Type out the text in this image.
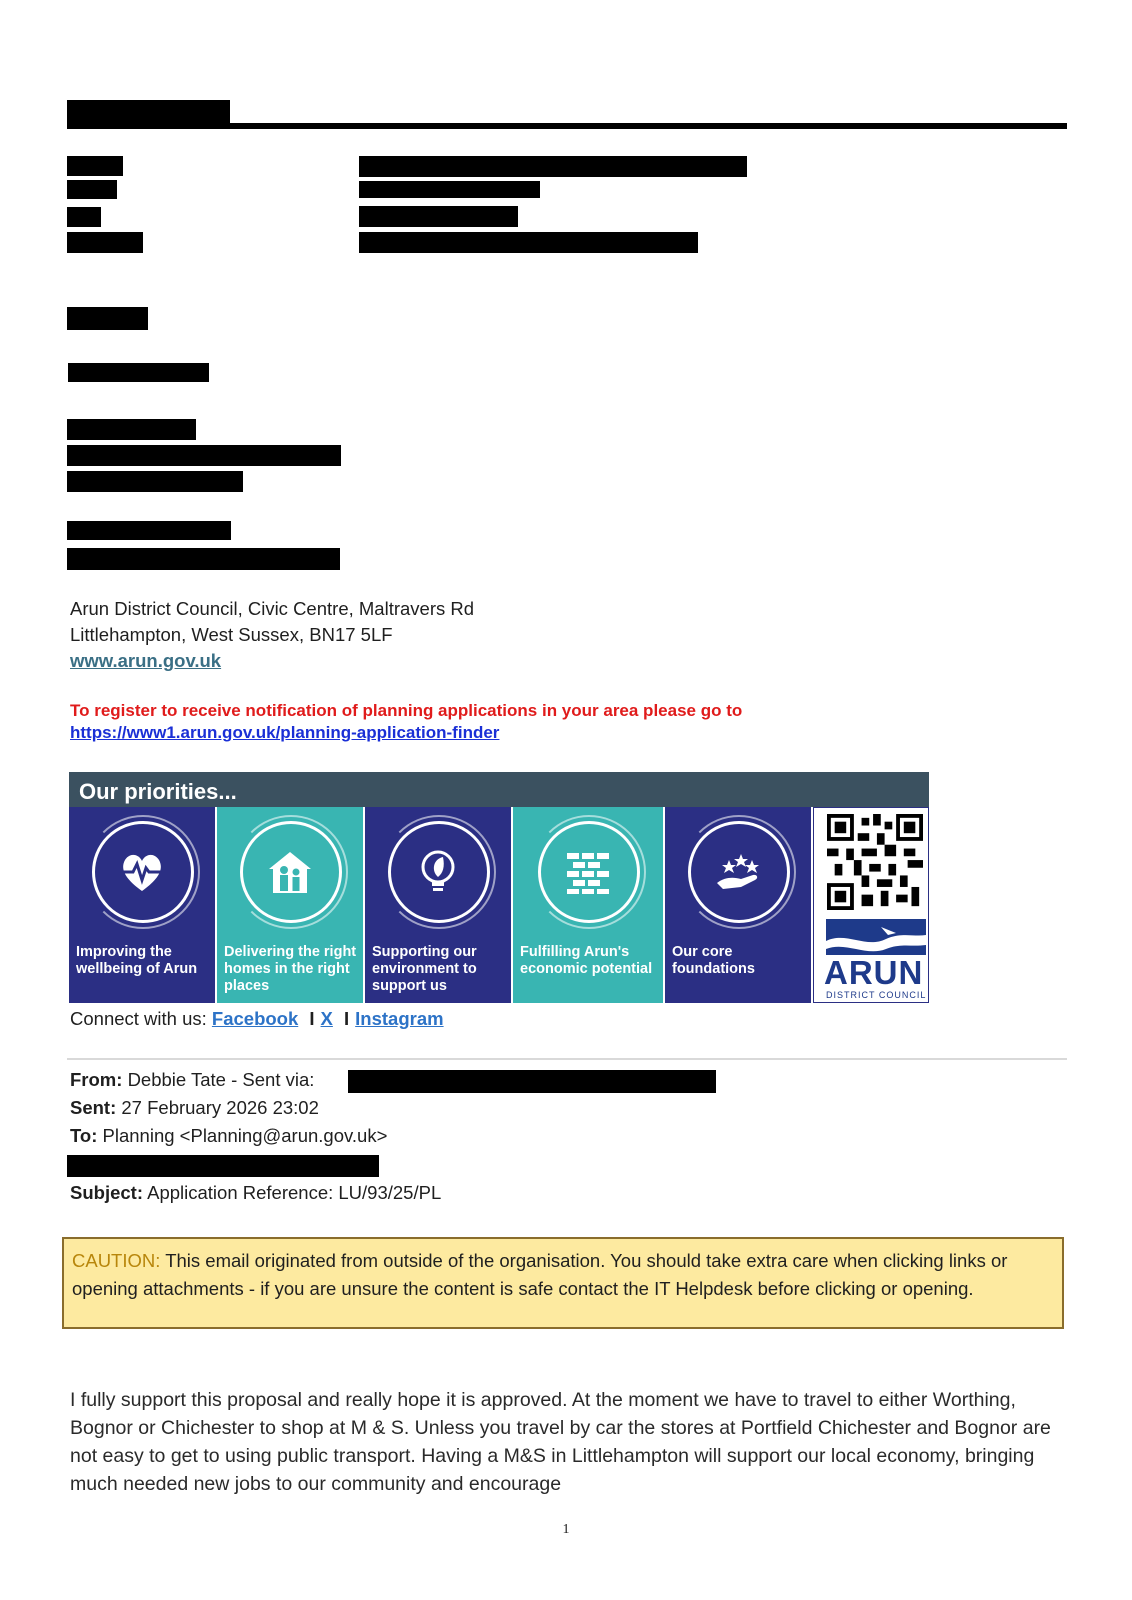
Arun District Council, Civic Centre, Maltravers Rd
Littlehampton, West Sussex, BN17 5LF
www.arun.gov.uk
To register to receive notification of planning applications in your area please go to
https://www1.arun.gov.uk/planning-application-finder
Our priorities...
Improving the wellbeing of Arun
Delivering the right homes in the right places
Supporting our environment to support us
Fulfilling Arun's economic potential
Our core foundations	ARUN
DISTRICT COUNCIL
Connect with us: Facebook I X I Instagram
From: Debbie Tate - Sent via:
Sent: 27 February 2026 23:02
To: Planning <Planning@arun.gov.uk>
Subject: Application Reference: LU/93/25/PL
CAUTION: This email originated from outside of the organisation. You should take extra care when clicking links or opening attachments - if you are unsure the content is safe contact the IT Helpdesk before clicking or opening.
I fully support this proposal and really hope it is approved. At the moment we have to travel to either Worthing, Bognor or Chichester to shop at M & S. Unless you travel by car the stores at Portfield Chichester and Bognor are not easy to get to using public transport. Having a M&S in Littlehampton will support our local economy, bringing much needed new jobs to our community and encourage
1
